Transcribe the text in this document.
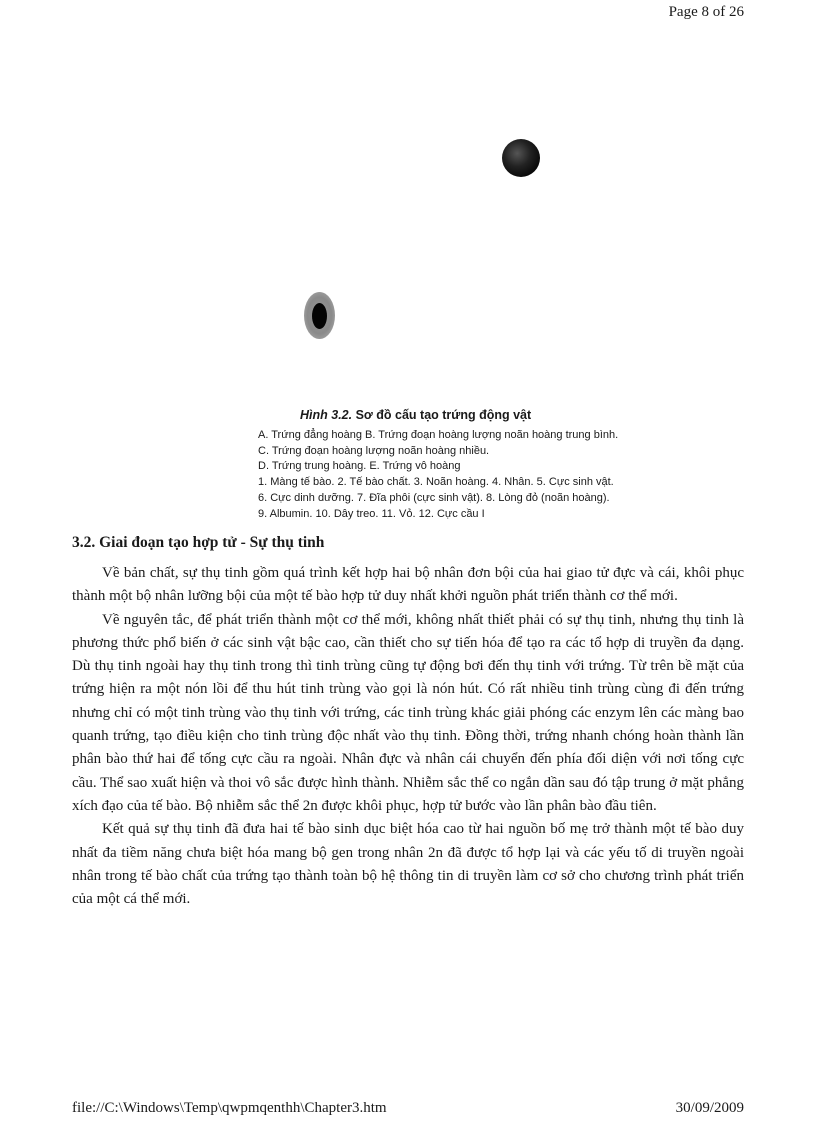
Page 8 of 26
Hình 3.2. Sơ đồ cấu tạo trứng động vật
A. Trứng đẳng hoàng B. Trứng đoạn hoàng lượng noãn hoàng trung bình.
C. Trứng đoạn hoàng lượng noãn hoàng nhiều.
D. Trứng trung hoàng. E. Trứng vô hoàng
1. Màng tế bào. 2. Tế bào chất. 3. Noãn hoàng. 4. Nhân. 5. Cực sinh vật.
6. Cực dinh dưỡng. 7. Đĩa phôi (cực sinh vật). 8. Lòng đỏ (noãn hoàng).
9. Albumin. 10. Dây treo. 11. Vỏ. 12. Cực cầu I
3.2. Giai đoạn tạo hợp tử - Sự thụ tinh

Về bản chất, sự thụ tinh gồm quá trình kết hợp hai bộ nhân đơn bội của hai giao tử đực và cái, khôi phục thành một bộ nhân lưỡng bội của một tế bào hợp tử duy nhất khởi nguồn phát triển thành cơ thể mới.

Về nguyên tắc, để phát triển thành một cơ thể mới, không nhất thiết phải có sự thụ tinh, nhưng thụ tinh là phương thức phổ biến ở các sinh vật bậc cao, cần thiết cho sự tiến hóa để tạo ra các tổ hợp di truyền đa dạng. Dù thụ tinh ngoài hay thụ tinh trong thì tinh trùng cũng tự động bơi đến thụ tinh với trứng. Từ trên bề mặt của trứng hiện ra một nón lồi để thu hút tinh trùng vào gọi là nón hút. Có rất nhiều tinh trùng cùng đi đến trứng nhưng chỉ có một tinh trùng vào thụ tinh với trứng, các tinh trùng khác giải phóng các enzym lên các màng bao quanh trứng, tạo điều kiện cho tinh trùng độc nhất vào thụ tinh. Đồng thời, trứng nhanh chóng hoàn thành lần phân bào thứ hai để tống cực cầu ra ngoài. Nhân đực và nhân cái chuyển đến phía đối diện với nơi tống cực cầu. Thể sao xuất hiện và thoi vô sắc được hình thành. Nhiễm sắc thể co ngắn dần sau đó tập trung ở mặt phẳng xích đạo của tế bào. Bộ nhiễm sắc thể 2n được khôi phục, hợp tử bước vào lần phân bào đầu tiên.

Kết quả sự thụ tinh đã đưa hai tế bào sinh dục biệt hóa cao từ hai nguồn bố mẹ trở thành một tế bào duy nhất đa tiềm năng chưa biệt hóa mang bộ gen trong nhân 2n đã được tổ hợp lại và các yếu tố di truyền ngoài nhân trong tế bào chất của trứng tạo thành toàn bộ hệ thông tin di truyền làm cơ sở cho chương trình phát triển của một cá thể mới.

file://C:\Windows\Temp\qwpmqenthh\Chapter3.htm	30/09/2009
